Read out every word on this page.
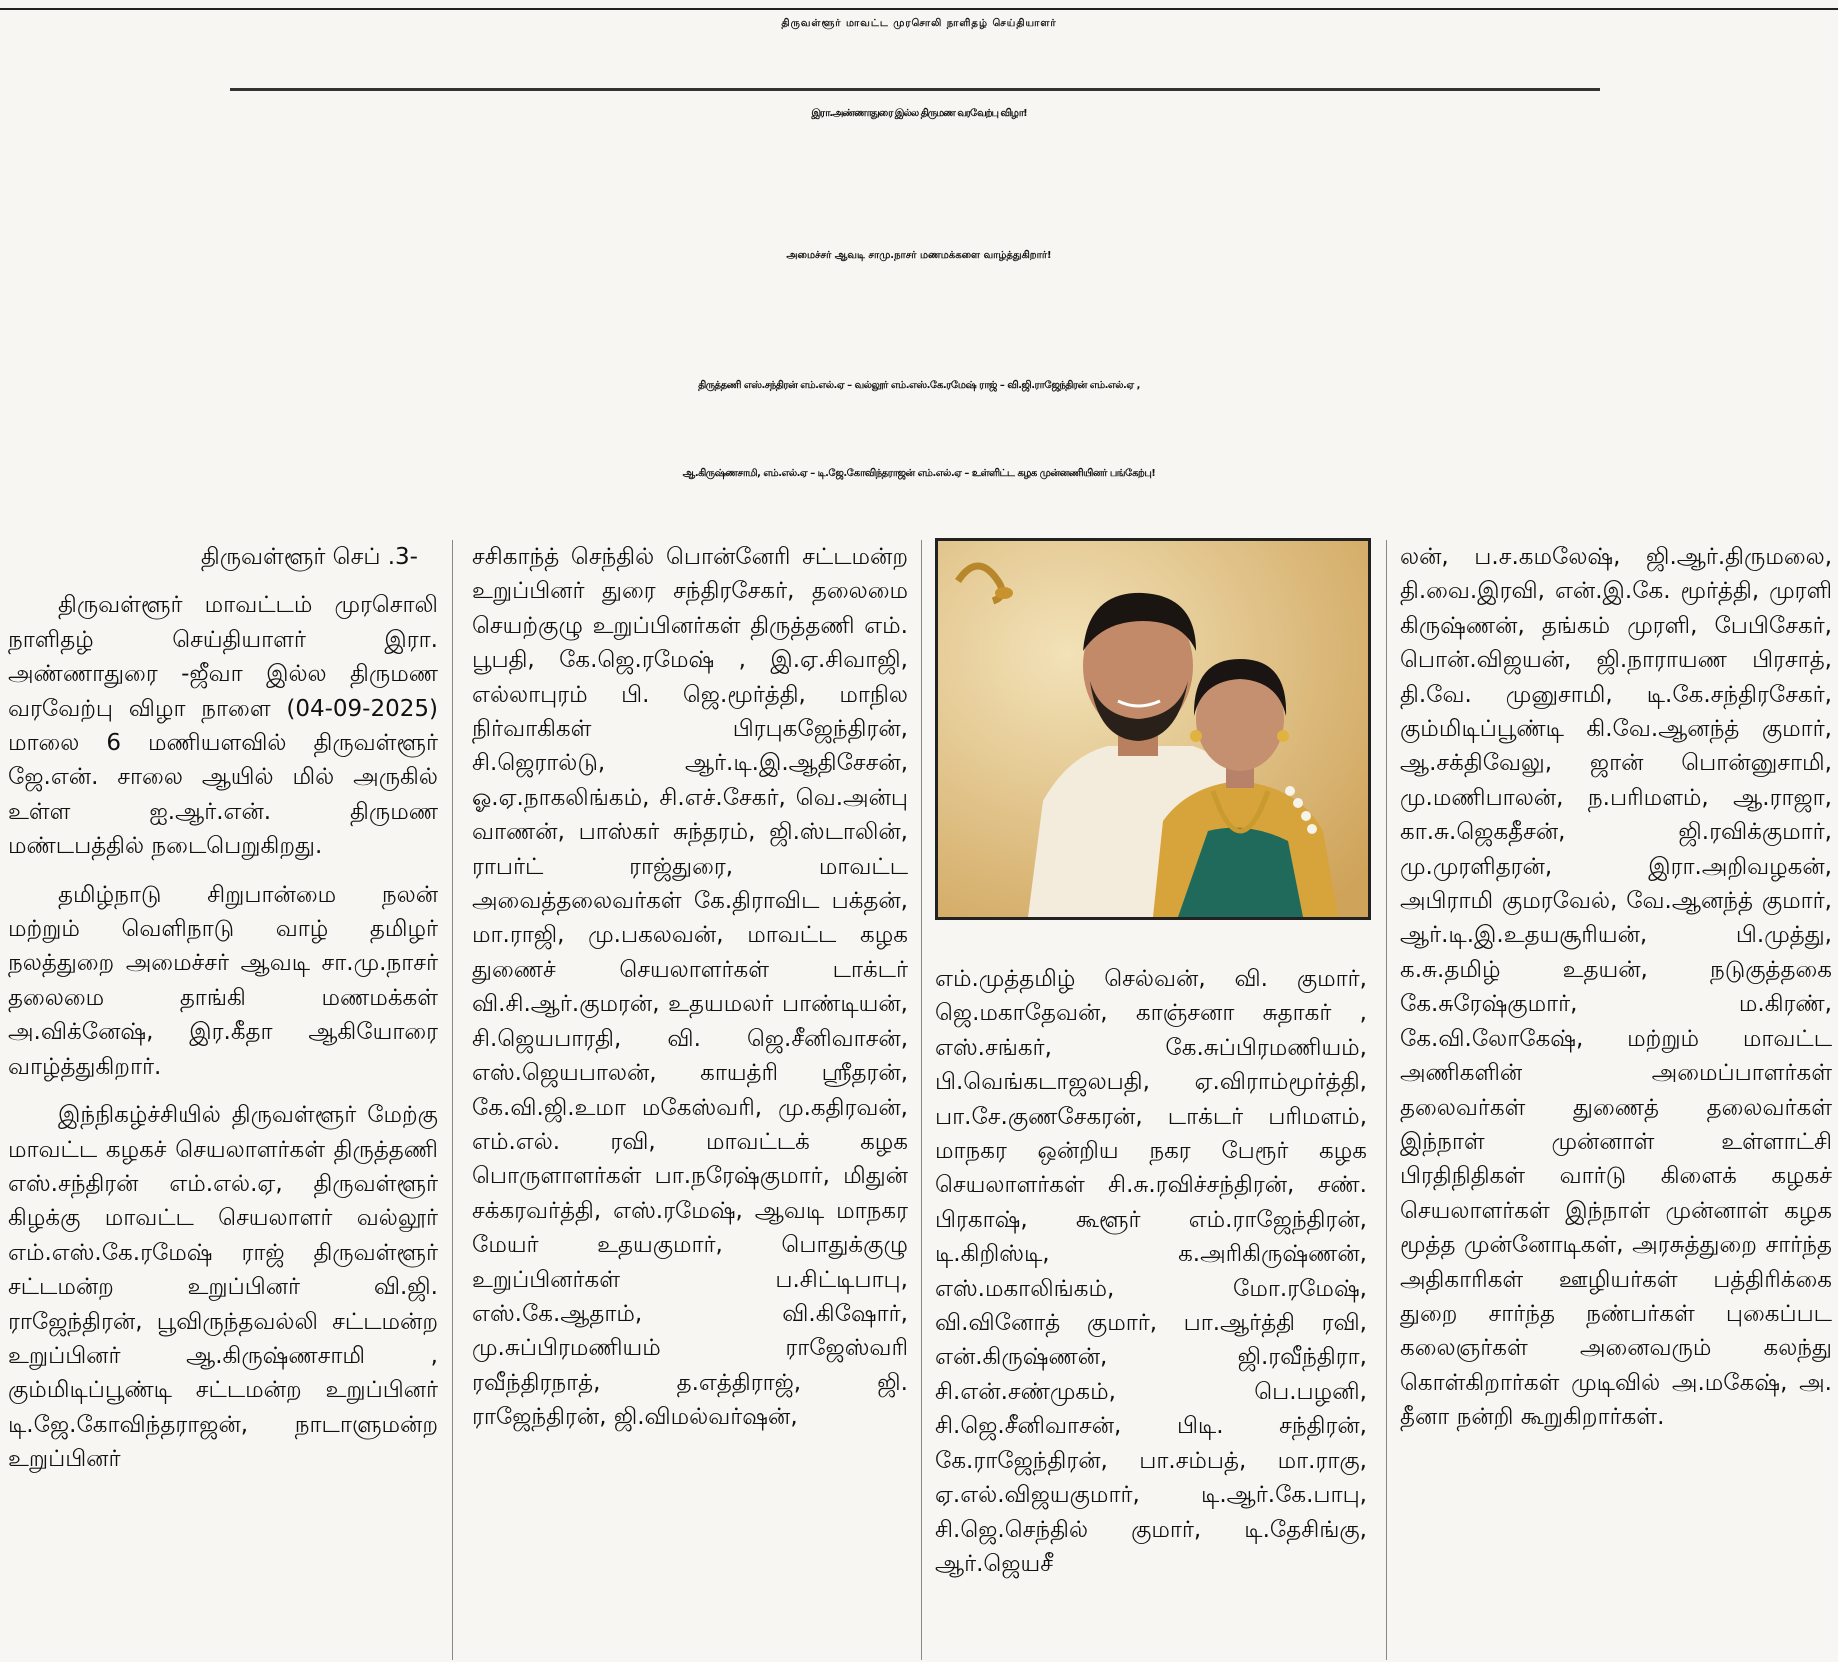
திருவள்ளூர் மாவட்ட முரசொலி நாளிதழ் செய்தியாளர்
இரா.அண்ணாதுரை இல்ல திருமண வரவேற்பு விழா!
அமைச்சர் ஆவடி சாமு.நாசர் மணமக்களை வாழ்த்துகிறார்!
திருத்தணி எஸ்.சந்திரன் எம்.எல்.ஏ – வல்லூர் எம்.எஸ்.கே.ரமேஷ் ராஜ் – வி.ஜி.ராஜேந்திரன் எம்.எல்.ஏ ,
ஆ.கிருஷ்ணசாமி, எம்.எல்.ஏ – டி.ஜே.கோவிந்தராஜன் எம்.எல்.ஏ – உள்ளிட்ட கழக முன்னணியினர் பங்கேற்பு!

திருவள்ளூர் செப் .3-

திருவள்ளூர் மாவட்டம் முரசொலி நாளிதழ் செய்தியாளர் இரா. அண்ணாதுரை -ஜீவா இல்ல திருமண வரவேற்பு விழா நாளை (04-09-2025) மாலை 6 மணியளவில் திருவள்ளூர் ஜே.என். சாலை ஆயில் மில் அருகில் உள்ள ஐ.ஆர்.என். திருமண மண்டபத்தில் நடைபெறுகிறது.

தமிழ்நாடு சிறுபான்மை நலன் மற்றும் வெளிநாடு வாழ் தமிழர் நலத்துறை அமைச்சர் ஆவடி சா.மு.நாசர் தலைமை தாங்கி மணமக்கள் அ.விக்னேஷ், இர.கீதா ஆகியோரை வாழ்த்துகிறார்.

இந்நிகழ்ச்சியில் திருவள்ளூர் மேற்கு மாவட்ட கழகச் செயலாளர்கள் திருத்தணி எஸ்.சந்திரன் எம்.எல்.ஏ, திருவள்ளூர் கிழக்கு மாவட்ட செயலாளர் வல்லூர் எம்.எஸ்.கே.ரமேஷ் ராஜ் திருவள்ளூர் சட்டமன்ற உறுப்பினர் வி.ஜி. ராஜேந்திரன், பூவிருந்தவல்லி சட்டமன்ற உறுப்பினர் ஆ.கிருஷ்ணசாமி , கும்மிடிப்பூண்டி சட்டமன்ற உறுப்பினர் டி.ஜே.கோவிந்தராஜன், நாடாளுமன்ற உறுப்பினர்

சசிகாந்த் செந்தில் பொன்னேரி சட்டமன்ற உறுப்பினர் துரை சந்திரசேகர், தலைமை செயற்குழு உறுப்பினர்கள் திருத்தணி எம். பூபதி, கே.ஜெ.ரமேஷ் , இ.ஏ.சிவாஜி, எல்லாபுரம் பி. ஜெ.மூர்த்தி, மாநில நிர்வாகிகள் பிரபுகஜேந்திரன், சி.ஜெரால்டு, ஆர்.டி.இ.ஆதிசேசன், ஓ.ஏ.நாகலிங்கம், சி.எச்.சேகர், வெ.அன்பு வாணன், பாஸ்கர் சுந்தரம், ஜி.ஸ்டாலின், ராபர்ட் ராஜ்துரை, மாவட்ட அவைத்தலைவர்கள் கே.திராவிட பக்தன், மா.ராஜி, மு.பகலவன், மாவட்ட கழக துணைச் செயலாளர்கள் டாக்டர் வி.சி.ஆர்.குமரன், உதயமலர் பாண்டியன், சி.ஜெயபாரதி, வி. ஜெ.சீனிவாசன், எஸ்.ஜெயபாலன், காயத்ரி ஸ்ரீதரன், கே.வி.ஜி.உமா மகேஸ்வரி, மு.கதிரவன், எம்.எல். ரவி, மாவட்டக் கழக பொருளாளர்கள் பா.நரேஷ்குமார், மிதுன் சக்கரவர்த்தி, எஸ்.ரமேஷ், ஆவடி மாநகர மேயர் உதயகுமார், பொதுக்குழு உறுப்பினர்கள் ப.சிட்டிபாபு, எஸ்.கே.ஆதாம், வி.கிஷோர், மு.சுப்பிரமணியம் ராஜேஸ்வரி ரவீந்திரநாத், த.எத்திராஜ், ஜி. ராஜேந்திரன், ஜி.விமல்வர்ஷன்,

எம்.முத்தமிழ் செல்வன், வி. குமார், ஜெ.மகாதேவன், காஞ்சனா சுதாகர் , எஸ்.சங்கர், கே.சுப்பிரமணியம், பி.வெங்கடாஜலபதி, ஏ.விராம்மூர்த்தி, பா.சே.குணசேகரன், டாக்டர் பரிமளம், மாநகர ஒன்றிய நகர பேரூர் கழக செயலாளர்கள் சி.சு.ரவிச்சந்திரன், சண். பிரகாஷ், கூளூர் எம்.ராஜேந்திரன், டி.கிறிஸ்டி, க.அரிகிருஷ்ணன், எஸ்.மகாலிங்கம், மோ.ரமேஷ், வி.வினோத் குமார், பா.ஆர்த்தி ரவி, என்.கிருஷ்ணன், ஜி.ரவீந்திரா, சி.என்.சண்முகம், பெ.பழனி, சி.ஜெ.சீனிவாசன், பிடி. சந்திரன், கே.ராஜேந்திரன், பா.சம்பத், மா.ராகு, ஏ.எல்.விஜயகுமார், டி.ஆர்.கே.பாபு, சி.ஜெ.செந்தில் குமார், டி.தேசிங்கு, ஆர்.ஜெயசீ

லன், ப.ச.கமலேஷ், ஜி.ஆர்.திருமலை, தி.வை.இரவி, என்.இ.கே. மூர்த்தி, முரளி கிருஷ்ணன், தங்கம் முரளி, பேபிசேகர், பொன்.விஜயன், ஜி.நாராயண பிரசாத், தி.வே. முனுசாமி, டி.கே.சந்திரசேகர், கும்மிடிப்பூண்டி கி.வே.ஆனந்த் குமார், ஆ.சக்திவேலு, ஜான் பொன்னுசாமி, மு.மணிபாலன், ந.பரிமளம், ஆ.ராஜா, கா.சு.ஜெகதீசன், ஜி.ரவிக்குமார், மு.முரளிதரன், இரா.அறிவழகன், அபிராமி குமரவேல், வே.ஆனந்த் குமார், ஆர்.டி.இ.உதயசூரியன், பி.முத்து, க.சு.தமிழ் உதயன், நடுகுத்தகை கே.சுரேஷ்குமார், ம.கிரண், கே.வி.லோகேஷ், மற்றும் மாவட்ட அணிகளின் அமைப்பாளர்கள் தலைவர்கள் துணைத் தலைவர்கள் இந்நாள் முன்னாள் உள்ளாட்சி பிரதிநிதிகள் வார்டு கிளைக் கழகச் செயலாளர்கள் இந்நாள் முன்னாள் கழக மூத்த முன்னோடிகள், அரசுத்துறை சார்ந்த அதிகாரிகள் ஊழியர்கள் பத்திரிக்கை துறை சார்ந்த நண்பர்கள் புகைப்பட கலைஞர்கள் அனைவரும் கலந்து கொள்கிறார்கள் முடிவில் அ.மகேஷ், அ. தீனா நன்றி கூறுகிறார்கள்.
